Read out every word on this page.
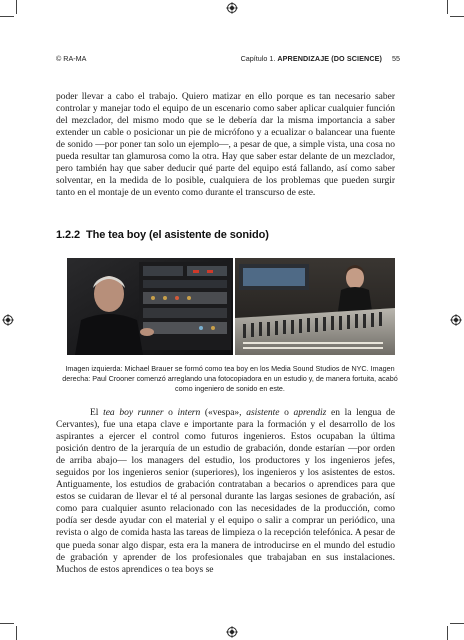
© RA-MA	Capítulo 1. APRENDIZAJE (DO SCIENCE) 55

poder llevar a cabo el trabajo. Quiero matizar en ello porque es tan necesario saber controlar y manejar todo el equipo de un escenario como saber aplicar cualquier función del mezclador, del mismo modo que se le debería dar la misma importancia a saber extender un cable o posicionar un pie de micrófono y a ecualizar o balancear una fuente de sonido —por poner tan solo un ejemplo—, a pesar de que, a simple vista, una cosa no pueda resultar tan glamurosa como la otra. Hay que saber estar delante de un mezclador, pero también hay que saber deducir qué parte del equipo está fallando, así como saber solventar, en la medida de lo posible, cualquiera de los problemas que pueden surgir tanto en el montaje de un evento como durante el transcurso de este.

1.2.2 The tea boy (el asistente de sonido)
Imagen izquierda: Michael Brauer se formó como tea boy en los Media Sound Studios de NYC. Imagen derecha: Paul Crooner comenzó arreglando una fotocopiadora en un estudio y, de manera fortuita, acabó como ingeniero de sonido en este.

El tea boy runner o intern («vespa», asistente o aprendiz en la lengua de Cervantes), fue una etapa clave e importante para la formación y el desarrollo de los aspirantes a ejercer el control como futuros ingenieros. Estos ocupaban la última posición dentro de la jerarquía de un estudio de grabación, donde estarían —por orden de arriba abajo— los managers del estudio, los productores y los ingenieros jefes, seguidos por los ingenieros senior (superiores), los ingenieros y los asistentes de estos. Antiguamente, los estudios de grabación contrataban a becarios o aprendices para que estos se cuidaran de llevar el té al personal durante las largas sesiones de grabación, así como para cualquier asunto relacionado con las necesidades de la producción, como podía ser desde ayudar con el material y el equipo o salir a comprar un periódico, una revista o algo de comida hasta las tareas de limpieza o la recepción telefónica. A pesar de que pueda sonar algo dispar, esta era la manera de introducirse en el mundo del estudio de grabación y aprender de los profesionales que trabajaban en sus instalaciones. Muchos de estos aprendices o tea boys se
